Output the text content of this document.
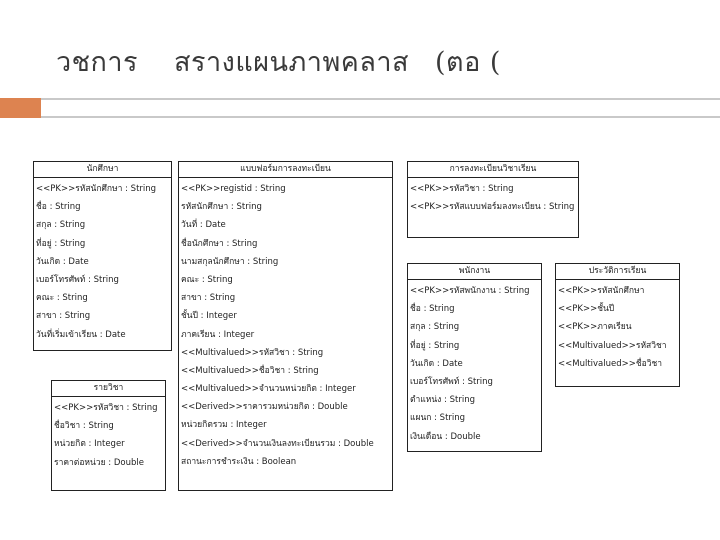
วชการ สรางแผนภาพคลาส (ตอ (
นักศึกษา
<<PK>>รหัสนักศึกษา : String
ชื่อ : String
สกุล : String
ที่อยู่ : String
วันเกิด : Date
เบอร์โทรศัพท์ : String
คณะ : String
สาขา : String
วันที่เริ่มเข้าเรียน : Date
รายวิชา
<<PK>>รหัสวิชา : String
ชื่อวิชา : String
หน่วยกิต : Integer
ราคาต่อหน่วย : Double
แบบฟอร์มการลงทะเบียน
<<PK>>registid : String
รหัสนักศึกษา : String
วันที่ : Date
ชื่อนักศึกษา : String
นามสกุลนักศึกษา : String
คณะ : String
สาขา : String
ชั้นปี : Integer
ภาคเรียน : Integer
<<Multivalued>>รหัสวิชา : String
<<Multivalued>>ชื่อวิชา : String
<<Multivalued>>จำนวนหน่วยกิต : Integer
<<Derived>>ราคารวมหน่วยกิต : Double
หน่วยกิตรวม : Integer
<<Derived>>จำนวนเงินลงทะเบียนรวม : Double
สถานะการชำระเงิน : Boolean
การลงทะเบียนวิชาเรียน
<<PK>>รหัสวิชา : String
<<PK>>รหัสแบบฟอร์มลงทะเบียน : String
พนักงาน
<<PK>>รหัสพนักงาน : String
ชื่อ : String
สกุล : String
ที่อยู่ : String
วันเกิด : Date
เบอร์โทรศัพท์ : String
ตำแหน่ง : String
แผนก : String
เงินเดือน : Double
ประวัติการเรียน
<<PK>>รหัสนักศึกษา
<<PK>>ชั้นปี
<<PK>>ภาคเรียน
<<Multivalued>>รหัสวิชา
<<Multivalued>>ชื่อวิชา
